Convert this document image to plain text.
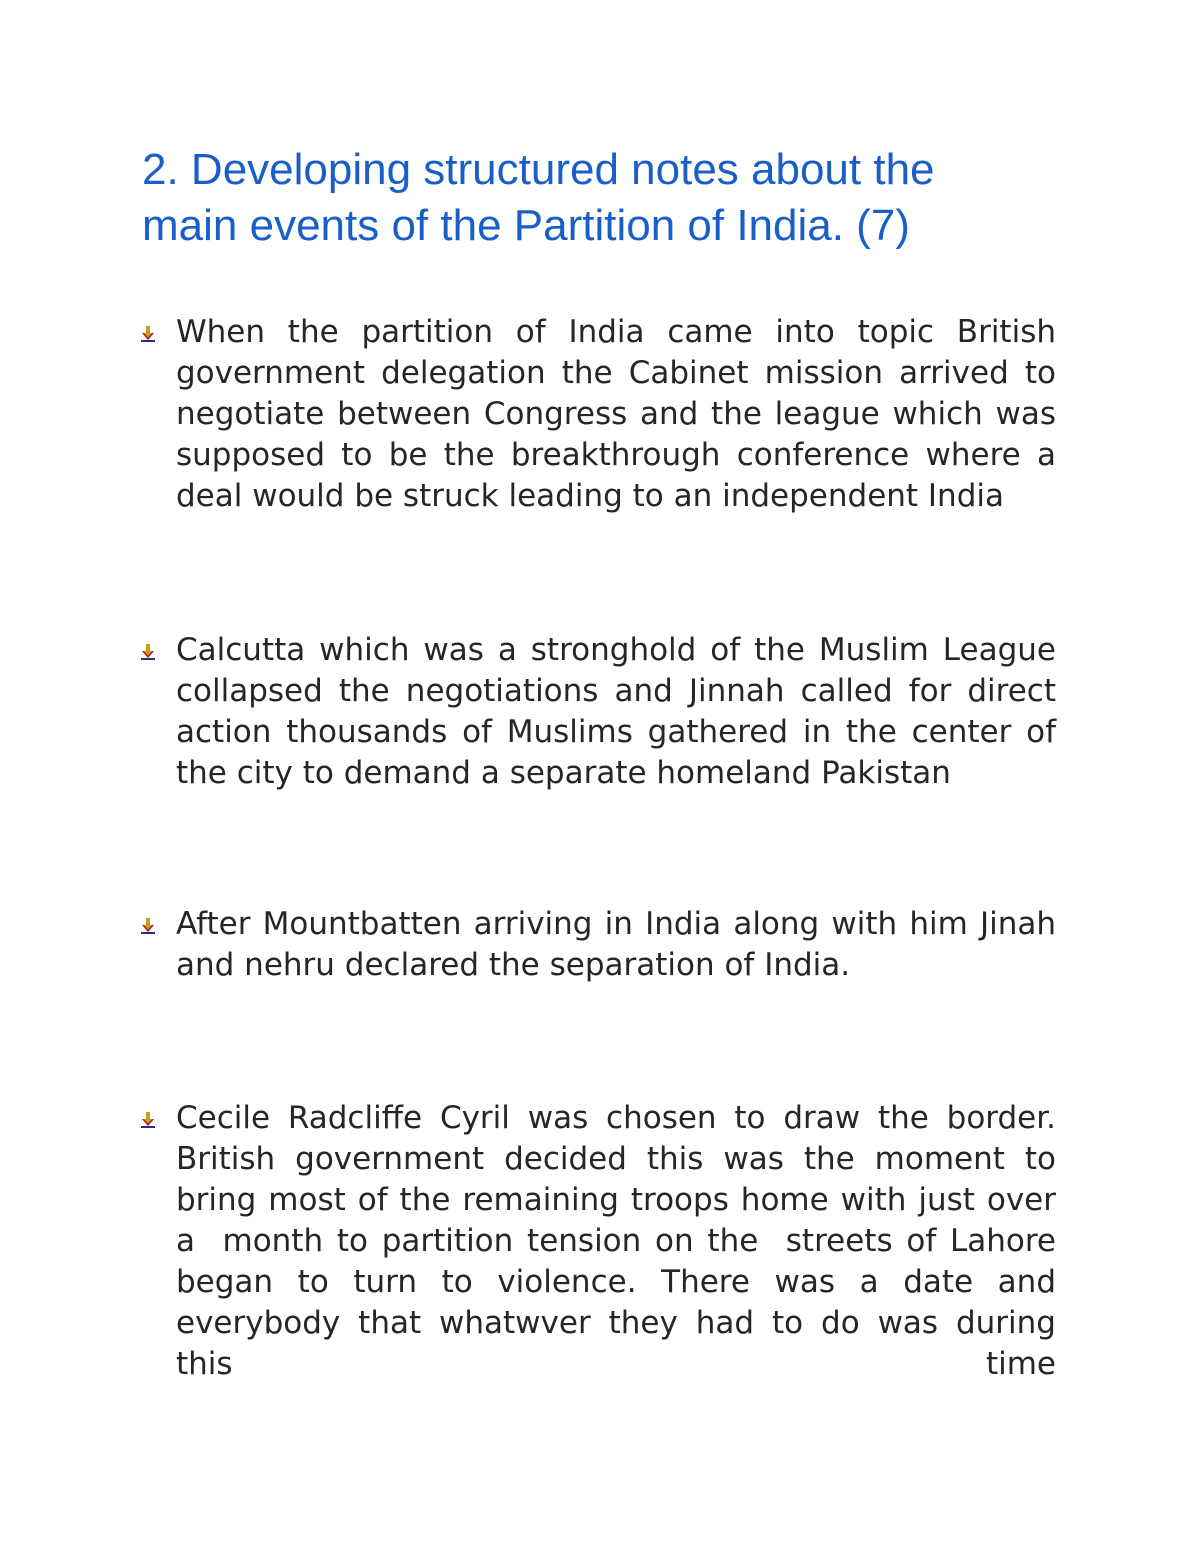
2. Developing structured notes about the main events of the Partition of India. (7)

When the partition of India came into topic British government delegation the Cabinet mission arrived to negotiate between Congress and the league which was supposed to be the breakthrough conference where a deal would be struck leading to an independent India

Calcutta which was a stronghold of the Muslim League collapsed the negotiations and Jinnah called for direct action thousands of Muslims gathered in the center of the city to demand a separate homeland Pakistan

After Mountbatten arriving in India along with him Jinah and nehru declared the separation of India.

Cecile Radcliffe Cyril was chosen to draw the border. British government decided this was the moment to bring most of the remaining troops home with just over a  month to partition tension on the  streets of Lahore began to turn to violence. There was a date and everybody that whatwver they had to do was during this time
